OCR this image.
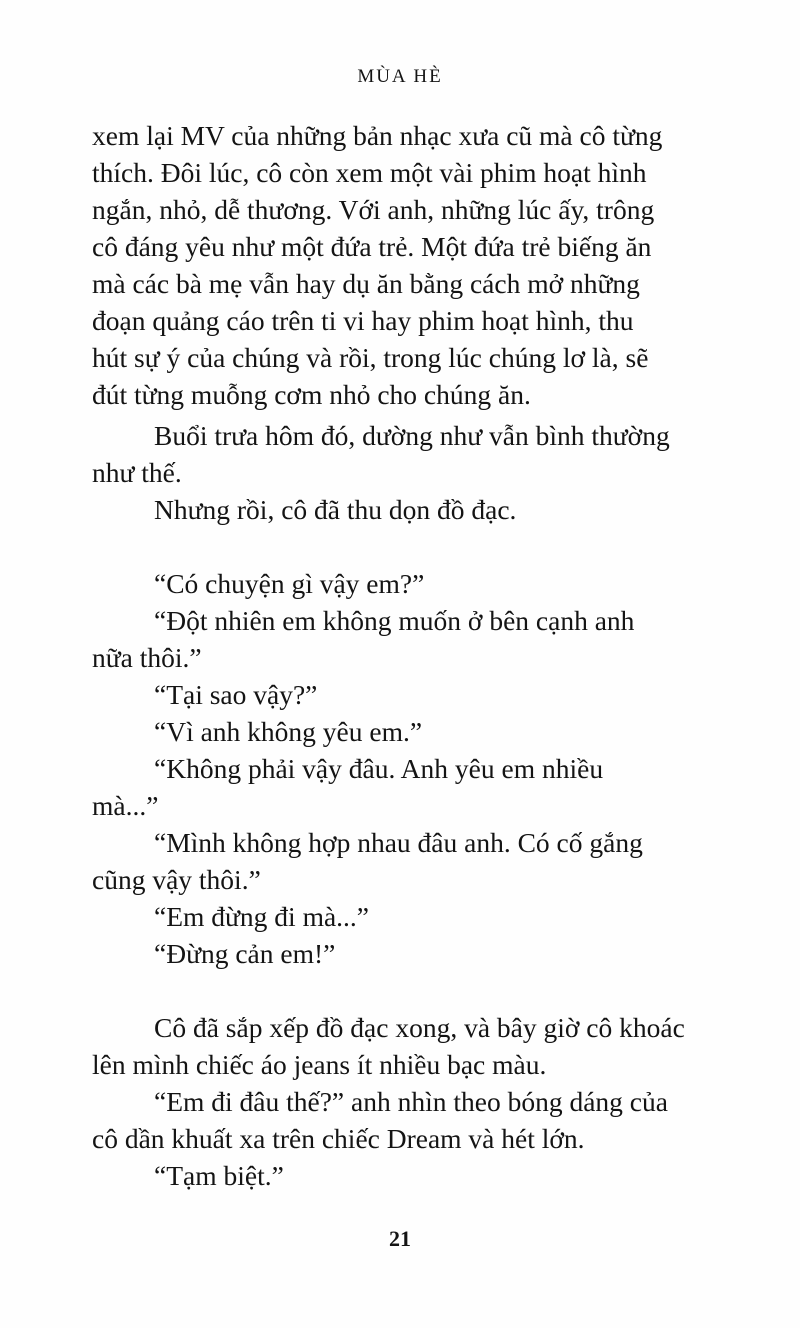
MÙA HÈ
xem lại MV của những bản nhạc xưa cũ mà cô từng
thích. Đôi lúc, cô còn xem một vài phim hoạt hình
ngắn, nhỏ, dễ thương. Với anh, những lúc ấy, trông
cô đáng yêu như một đứa trẻ. Một đứa trẻ biếng ăn
mà các bà mẹ vẫn hay dụ ăn bằng cách mở những
đoạn quảng cáo trên ti vi hay phim hoạt hình, thu
hút sự ý của chúng và rồi, trong lúc chúng lơ là, sẽ
đút từng muỗng cơm nhỏ cho chúng ăn.
Buổi trưa hôm đó, dường như vẫn bình thường
như thế.
Nhưng rồi, cô đã thu dọn đồ đạc.
“Có chuyện gì vậy em?”
“Đột nhiên em không muốn ở bên cạnh anh
nữa thôi.”
“Tại sao vậy?”
“Vì anh không yêu em.”
“Không phải vậy đâu. Anh yêu em nhiều
mà...”
“Mình không hợp nhau đâu anh. Có cố gắng
cũng vậy thôi.”
“Em đừng đi mà...”
“Đừng cản em!”
Cô đã sắp xếp đồ đạc xong, và bây giờ cô khoác
lên mình chiếc áo jeans ít nhiều bạc màu.
“Em đi đâu thế?” anh nhìn theo bóng dáng của
cô dần khuất xa trên chiếc Dream và hét lớn.
“Tạm biệt.”
21
